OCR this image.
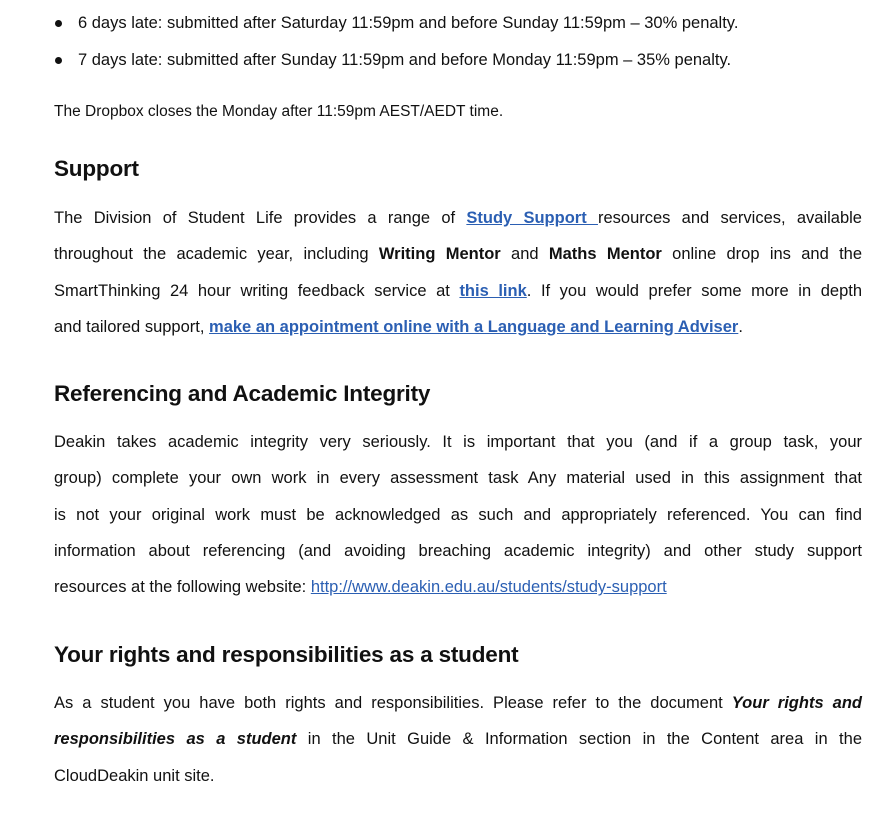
6 days late: submitted after Saturday 11:59pm and before Sunday 11:59pm – 30% penalty.
7 days late: submitted after Sunday 11:59pm and before Monday 11:59pm – 35% penalty.
The Dropbox closes the Monday after 11:59pm AEST/AEDT time.
Support
The Division of Student Life provides a range of Study Support resources and services, available
throughout the academic year, including Writing Mentor and Maths Mentor online drop ins and the
SmartThinking 24 hour writing feedback service at this link. If you would prefer some more in depth
and tailored support, make an appointment online with a Language and Learning Adviser.
Referencing and Academic Integrity
Deakin takes academic integrity very seriously. It is important that you (and if a group task, your
group) complete your own work in every assessment task Any material used in this assignment that
is not your original work must be acknowledged as such and appropriately referenced. You can find
information about referencing (and avoiding breaching academic integrity) and other study support
resources at the following website: http://www.deakin.edu.au/students/study-support
Your rights and responsibilities as a student
As a student you have both rights and responsibilities. Please refer to the document Your rights and
responsibilities as a student in the Unit Guide & Information section in the Content area in the
CloudDeakin unit site.
